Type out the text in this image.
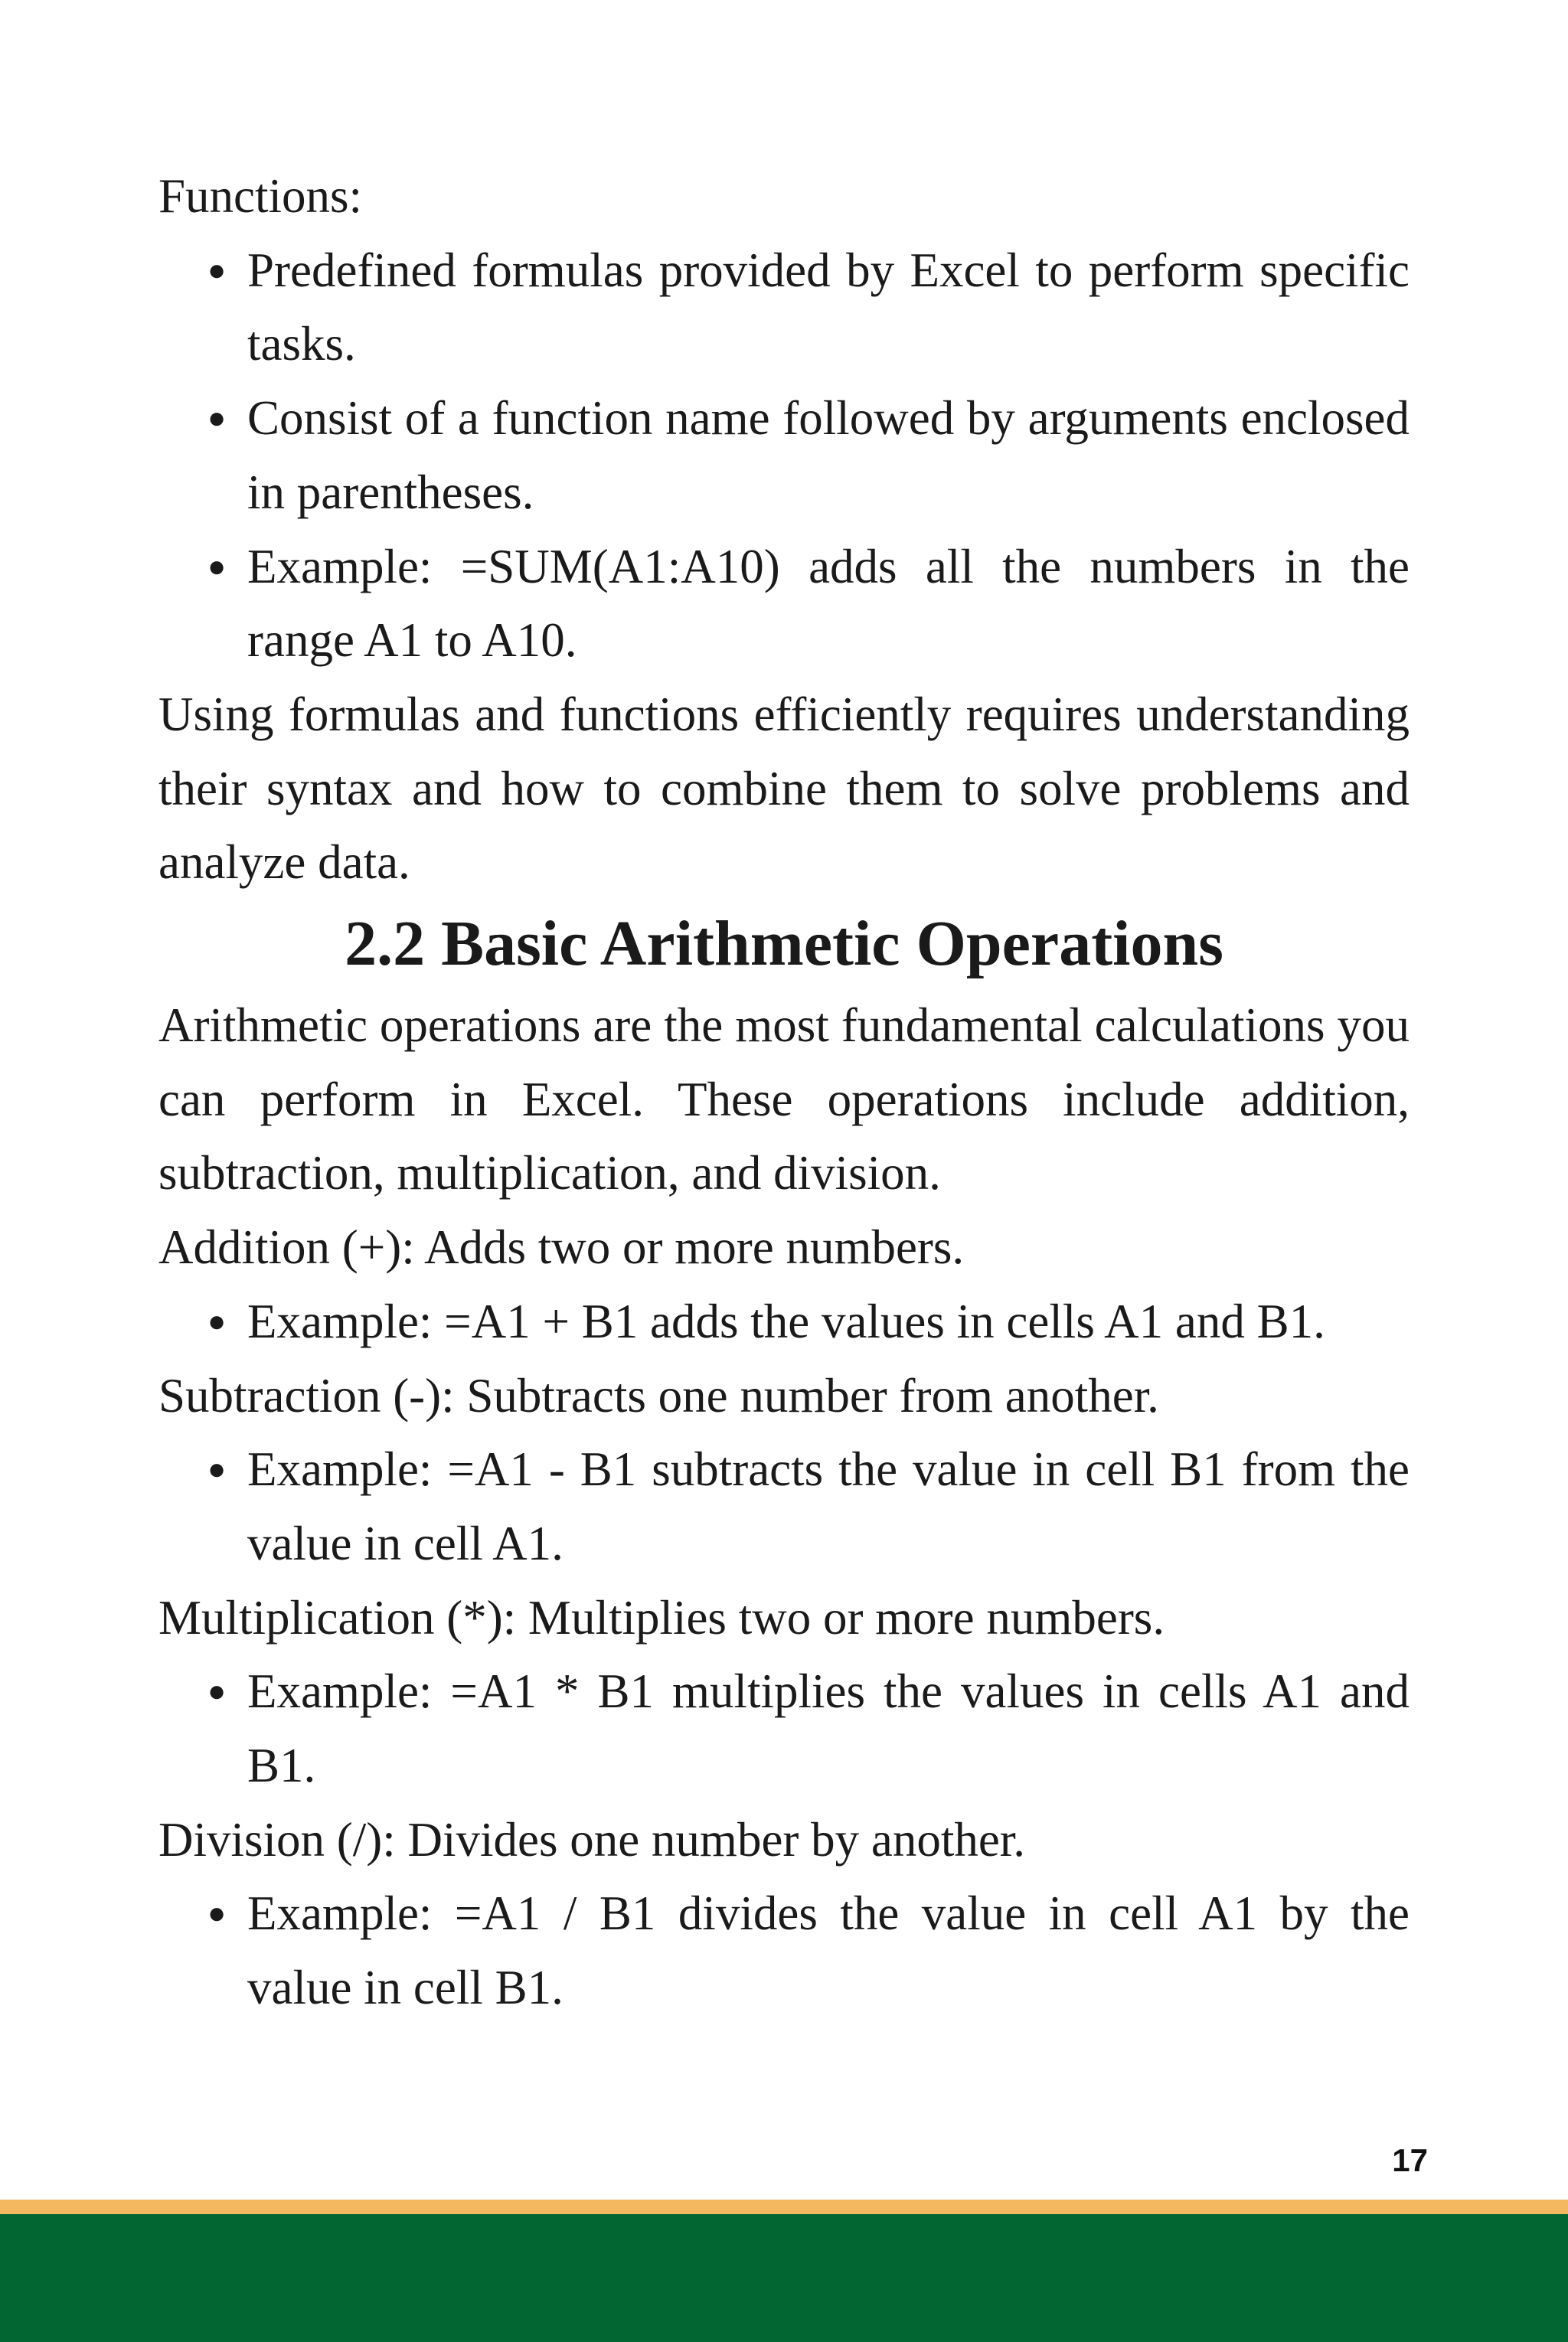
Functions:

● Predefined formulas provided by Excel to perform specific tasks.
● Consist of a function name followed by arguments enclosed in parentheses.
● Example: =SUM(A1:A10) adds all the numbers in the range A1 to A10.

Using formulas and functions efficiently requires understanding their syntax and how to combine them to solve problems and analyze data.

2.2 Basic Arithmetic Operations

Arithmetic operations are the most fundamental calculations you can perform in Excel. These operations include addition, subtraction, multiplication, and division.

Addition (+): Adds two or more numbers.

● Example: =A1 + B1 adds the values in cells A1 and B1.

Subtraction (-): Subtracts one number from another.

● Example: =A1 - B1 subtracts the value in cell B1 from the value in cell A1.

Multiplication (*): Multiplies two or more numbers.

● Example: =A1 * B1 multiplies the values in cells A1 and B1.

Division (/): Divides one number by another.

● Example: =A1 / B1 divides the value in cell A1 by the value in cell B1.
17
